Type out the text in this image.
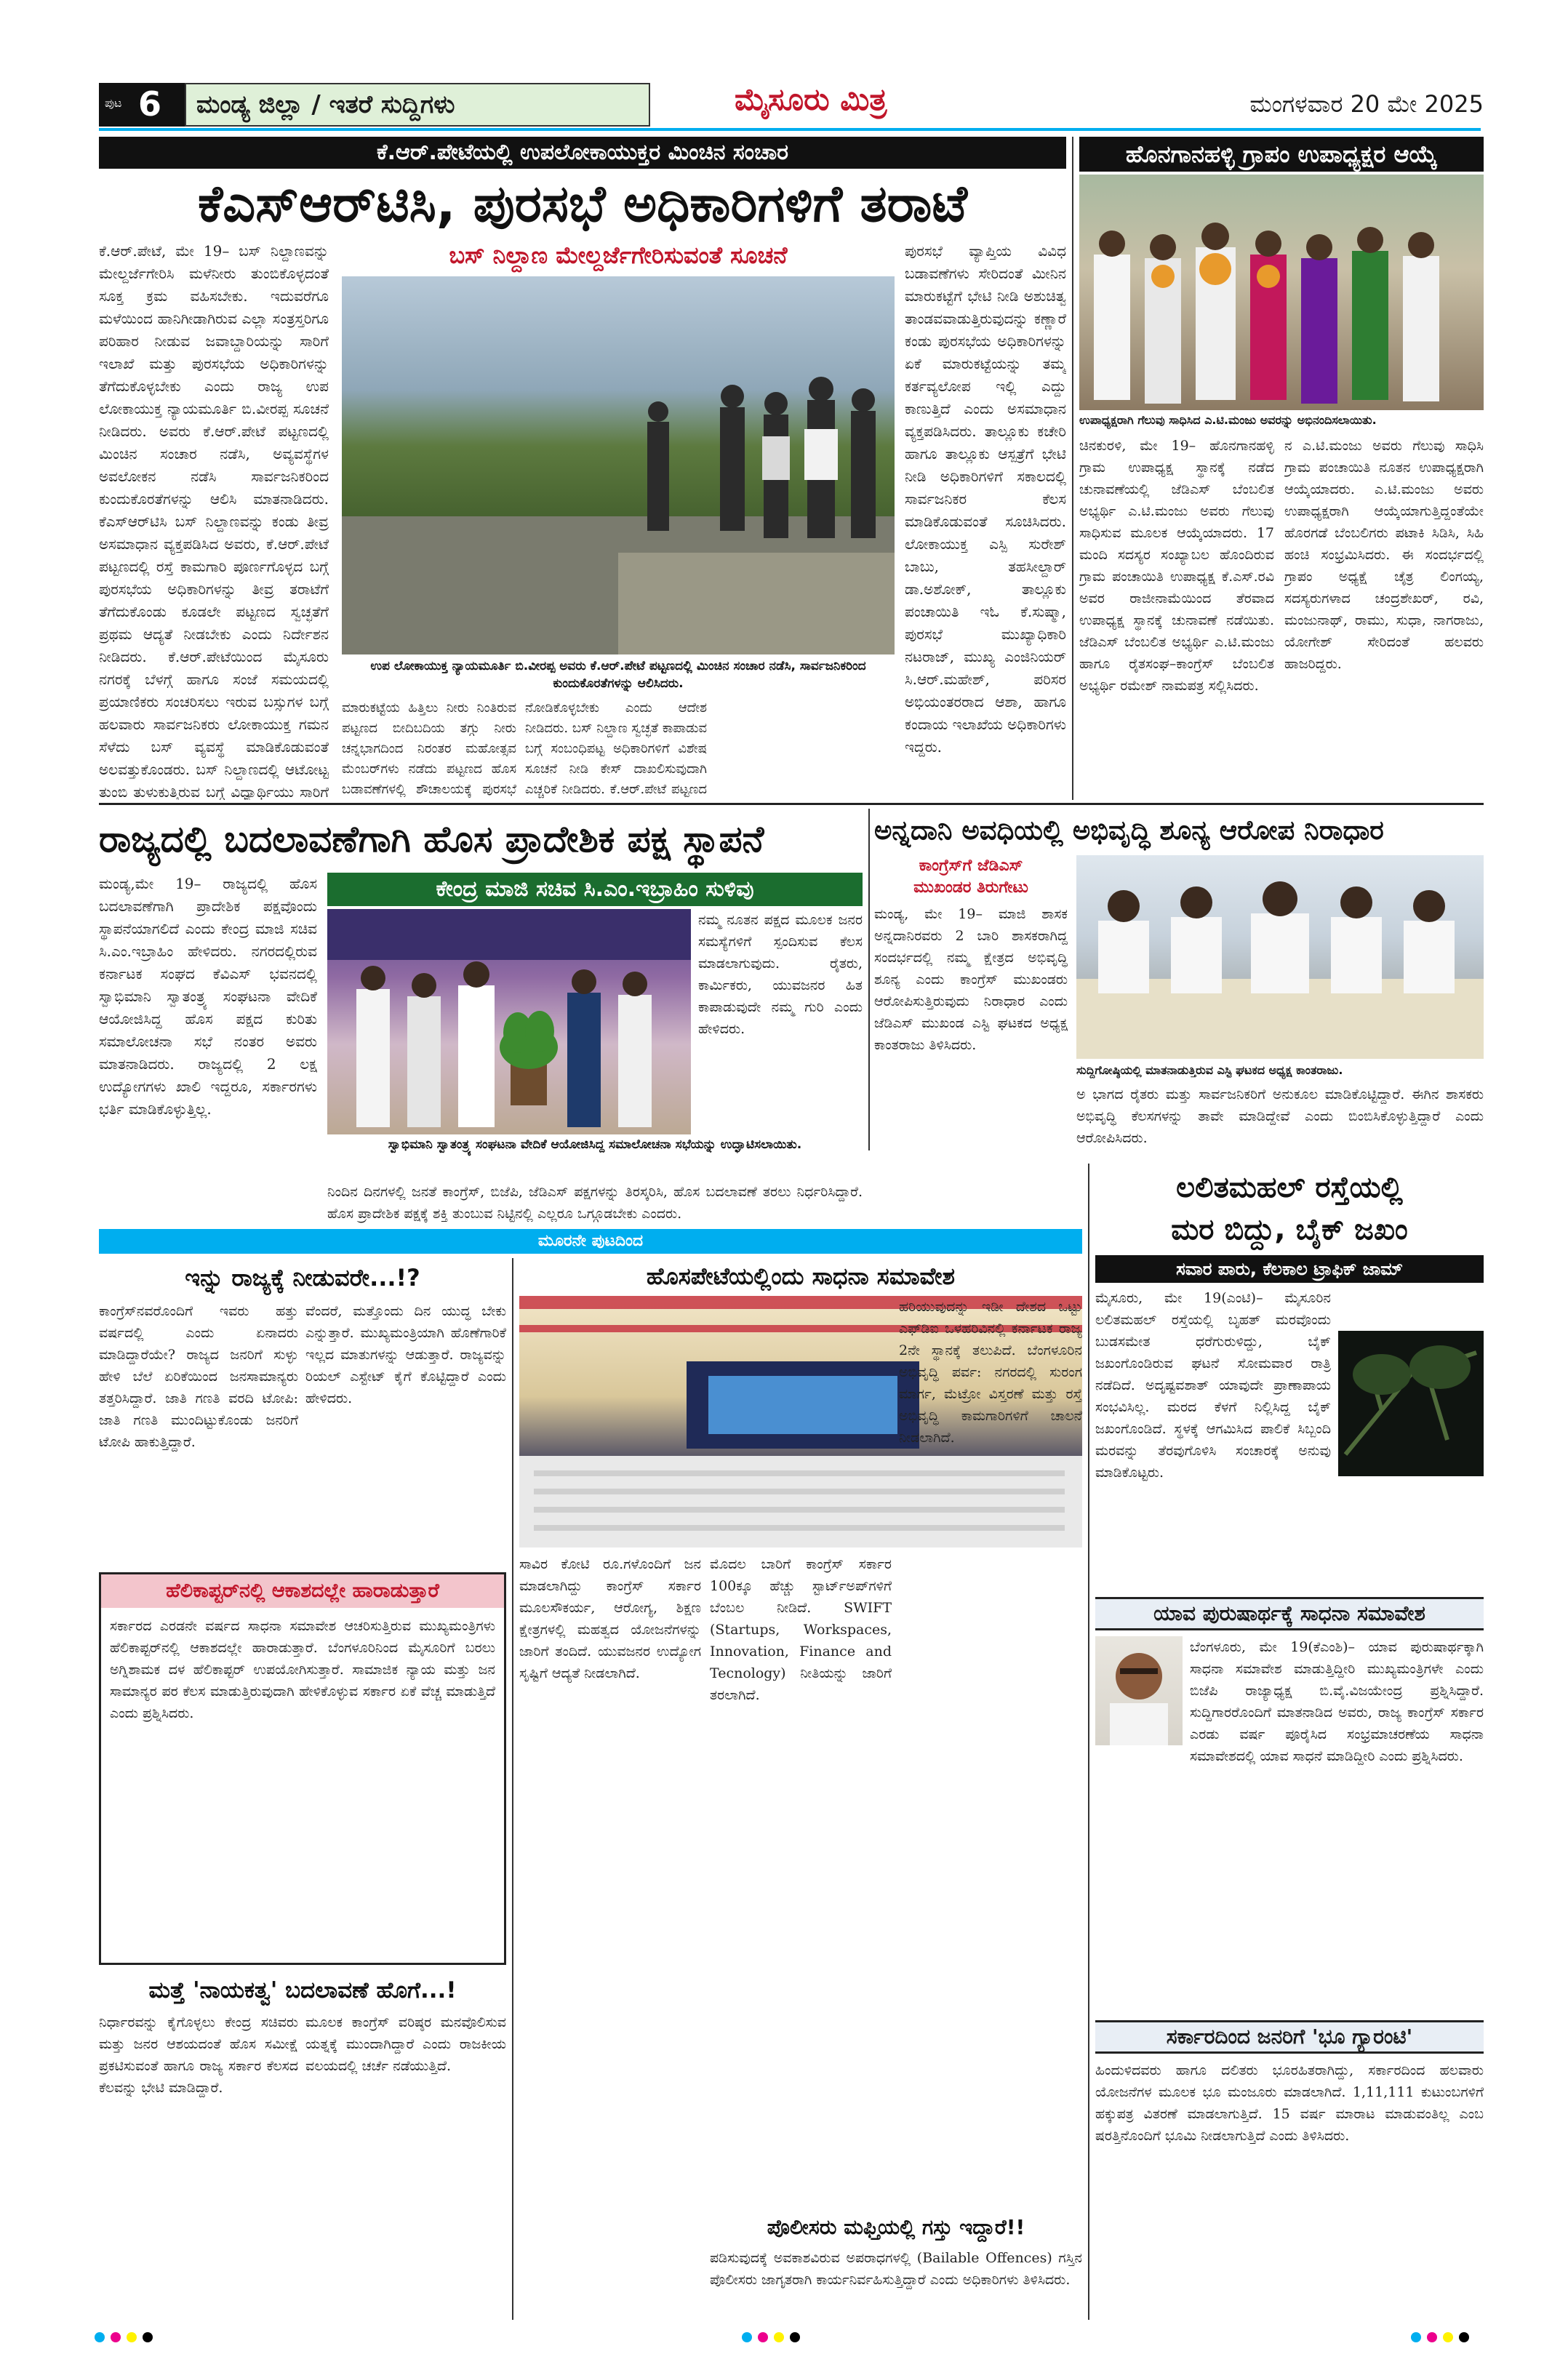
ಪುಟ 6 ಮಂಡ್ಯ ಜಿಲ್ಲಾ / ಇತರೆ ಸುದ್ದಿಗಳು	ಮೈಸೂರು ಮಿತ್ರ	ಮಂಗಳವಾರ 20 ಮೇ 2025
ಕೆ.ಆರ್.ಪೇಟೆಯಲ್ಲಿ ಉಪಲೋಕಾಯುಕ್ತರ ಮಿಂಚಿನ ಸಂಚಾರ
ಕೆಎಸ್‌ಆರ್‌ಟಿಸಿ, ಪುರಸಭೆ ಅಧಿಕಾರಿಗಳಿಗೆ ತರಾಟೆ
ಕೆ.ಆರ್.ಪೇಟೆ, ಮೇ 19– ಬಸ್ ನಿಲ್ದಾಣವನ್ನು ಮೇಲ್ದರ್ಜೆಗೇರಿಸಿ ಮಳೆನೀರು ತುಂಬಿಕೊಳ್ಳದಂತೆ ಸೂಕ್ತ ಕ್ರಮ ವಹಿಸಬೇಕು. ಇದುವರೆಗೂ ಮಳೆಯಿಂದ ಹಾನಿಗೀಡಾಗಿರುವ ಎಲ್ಲಾ ಸಂತ್ರಸ್ತರಿಗೂ ಪರಿಹಾರ ನೀಡುವ ಜವಾಬ್ದಾರಿಯನ್ನು ಸಾರಿಗೆ ಇಲಾಖೆ ಮತ್ತು ಪುರಸಭೆಯ ಅಧಿಕಾರಿಗಳನ್ನು ತೆಗೆದುಕೊಳ್ಳಬೇಕು ಎಂದು ರಾಜ್ಯ ಉಪ ಲೋಕಾಯುಕ್ತ ನ್ಯಾಯಮೂರ್ತಿ ಬಿ.ವೀರಪ್ಪ ಸೂಚನೆ ನೀಡಿದರು. ಅವರು ಕೆ.ಆರ್.ಪೇಟೆ ಪಟ್ಟಣದಲ್ಲಿ ಮಿಂಚಿನ ಸಂಚಾರ ನಡೆಸಿ, ಅವ್ಯವಸ್ಥೆಗಳ ಅವಲೋಕನ ನಡೆಸಿ ಸಾರ್ವಜನಿಕರಿಂದ ಕುಂದುಕೊರತೆಗಳನ್ನು ಆಲಿಸಿ ಮಾತನಾಡಿದರು. ಕೆಎಸ್‌ಆರ್‌ಟಿಸಿ ಬಸ್ ನಿಲ್ದಾಣವನ್ನು ಕಂಡು ತೀವ್ರ ಅಸಮಾಧಾನ ವ್ಯಕ್ತಪಡಿಸಿದ ಅವರು, ಕೆ.ಆರ್.ಪೇಟೆ ಪಟ್ಟಣದಲ್ಲಿ ರಸ್ತೆ ಕಾಮಗಾರಿ ಪೂರ್ಣಗೊಳ್ಳದ ಬಗ್ಗೆ ಪುರಸಭೆಯ ಅಧಿಕಾರಿಗಳನ್ನು ತೀವ್ರ ತರಾಟೆಗೆ ತೆಗೆದುಕೊಂಡು ಕೂಡಲೇ ಪಟ್ಟಣದ ಸ್ವಚ್ಛತೆಗೆ ಪ್ರಥಮ ಆದ್ಯತೆ ನೀಡಬೇಕು ಎಂದು ನಿರ್ದೇಶನ ನೀಡಿದರು. ಕೆ.ಆರ್.ಪೇಟೆಯಿಂದ ಮೈಸೂರು ನಗರಕ್ಕೆ ಬೆಳಗ್ಗೆ ಹಾಗೂ ಸಂಜೆ ಸಮಯದಲ್ಲಿ ಪ್ರಯಾಣಿಕರು ಸಂಚರಿಸಲು ಇರುವ ಬಸ್ಸುಗಳ ಬಗ್ಗೆ ಹಲವಾರು ಸಾರ್ವಜನಿಕರು ಲೋಕಾಯುಕ್ತ ಗಮನ ಸೆಳೆದು ಬಸ್ ವ್ಯವಸ್ಥೆ ಮಾಡಿಕೊಡುವಂತೆ ಅಲವತ್ತುಕೊಂಡರು. ಬಸ್ ನಿಲ್ದಾಣದಲ್ಲಿ ಆಟೋಟ್ಟ ತುಂಬಿ ತುಳುಕುತ್ತಿರುವ ಬಗ್ಗೆ ವಿಧ್ಯಾರ್ಥಿಯು ಸಾರಿಗೆ
ಬಸ್ ನಿಲ್ದಾಣ ಮೇಲ್ದರ್ಜೆಗೇರಿಸುವಂತೆ ಸೂಚನೆ
ಉಪ ಲೋಕಾಯುಕ್ತ ನ್ಯಾಯಮೂರ್ತಿ ಬಿ.ವೀರಪ್ಪ ಅವರು ಕೆ.ಆರ್.ಪೇಟೆ ಪಟ್ಟಣದಲ್ಲಿ ಮಿಂಚಿನ ಸಂಚಾರ ನಡೆಸಿ, ಸಾರ್ವಜನಿಕರಿಂದ ಕುಂದುಕೊರತೆಗಳನ್ನು ಆಲಿಸಿದರು.
ಮಾರುಕಟ್ಟೆಯ ಹಿತ್ತಿಲು ನೀರು ನಿಂತಿರುವ ಪಟ್ಟಣದ ಬೀದಿಬದಿಯ ತಗ್ಗು ನೀರು ಚನ್ನಭಾಗದಿಂದ ನಿರಂತರ ಮಹೋತ್ಸವ ಮೆಂಬರ್‌ಗಳು ನಡೆದು ಪಟ್ಟಣದ ಹೊಸ ಬಡಾವಣೆಗಳಲ್ಲಿ ಶೌಚಾಲಯಕ್ಕೆ ಪುರಸಭೆ
ನೋಡಿಕೊಳ್ಳಬೇಕು ಎಂದು ಆದೇಶ ನೀಡಿದರು. ಬಸ್ ನಿಲ್ದಾಣ ಸ್ವಚ್ಛತೆ ಕಾಪಾಡುವ ಬಗ್ಗೆ ಸಂಬಂಧಿಪಟ್ಟ ಅಧಿಕಾರಿಗಳಿಗೆ ವಿಶೇಷ ಸೂಚನೆ ನೀಡಿ ಕೇಸ್ ದಾಖಲಿಸುವುದಾಗಿ ಎಚ್ಚರಿಕೆ ನೀಡಿದರು. ಕೆ.ಆರ್.ಪೇಟೆ ಪಟ್ಟಣದ
ಪುರಸಭೆ ವ್ಯಾಪ್ತಿಯ ವಿವಿಧ ಬಡಾವಣೆಗಳು ಸೇರಿದಂತೆ ಮೀನಿನ ಮಾರುಕಟ್ಟೆಗೆ ಭೇಟಿ ನೀಡಿ ಅಶುಚಿತ್ವ ತಾಂಡವವಾಡುತ್ತಿರುವುದನ್ನು ಕಣ್ಣಾರೆ ಕಂಡು ಪುರಸಭೆಯ ಅಧಿಕಾರಿಗಳನ್ನು ಏಕೆ ಮಾರುಕಟ್ಟೆಯನ್ನು ತಮ್ಮ ಕರ್ತವ್ಯಲೋಪ ಇಲ್ಲಿ ಎದ್ದು ಕಾಣುತ್ತಿದೆ ಎಂದು ಅಸಮಾಧಾನ ವ್ಯಕ್ತಪಡಿಸಿದರು. ತಾಲ್ಲೂಕು ಕಚೇರಿ ಹಾಗೂ ತಾಲ್ಲೂಕು ಆಸ್ಪತ್ರೆಗೆ ಭೇಟಿ ನೀಡಿ ಅಧಿಕಾರಿಗಳಿಗೆ ಸಕಾಲದಲ್ಲಿ ಸಾರ್ವಜನಿಕರ ಕೆಲಸ ಮಾಡಿಕೊಡುವಂತೆ ಸೂಚಿಸಿದರು. ಲೋಕಾಯುಕ್ತ ಎಸ್ಪಿ ಸುರೇಶ್ ಬಾಬು, ತಹಸೀಲ್ದಾರ್ ಡಾ.ಅಶೋಕ್, ತಾಲ್ಲೂಕು ಪಂಚಾಯಿತಿ ಇಓ ಕೆ.ಸುಷ್ಮಾ, ಪುರಸಭೆ ಮುಖ್ಯಾಧಿಕಾರಿ ನಟರಾಜ್, ಮುಖ್ಯ ಎಂಜಿನಿಯರ್ ಸಿ.ಆರ್.ಮಹೇಶ್, ಪರಿಸರ ಅಭಿಯಂತರರಾದ ಆಶಾ, ಹಾಗೂ ಕಂದಾಯ ಇಲಾಖೆಯ ಅಧಿಕಾರಿಗಳು ಇದ್ದರು.
ಹೊನಗಾನಹಳ್ಳಿ ಗ್ರಾಪಂ ಉಪಾಧ್ಯಕ್ಷರ ಆಯ್ಕೆ
ಉಪಾಧ್ಯಕ್ಷರಾಗಿ ಗೆಲುವು ಸಾಧಿಸಿದ ಎ.ಟಿ.ಮಂಜು ಅವರನ್ನು ಅಭಿನಂದಿಸಲಾಯಿತು.
ಚಿನಕುರಳಿ, ಮೇ 19– ಹೊನಗಾನಹಳ್ಳಿ ಗ್ರಾಮ ಉಪಾಧ್ಯಕ್ಷ ಸ್ಥಾನಕ್ಕೆ ನಡೆದ ಚುನಾವಣೆಯಲ್ಲಿ ಜೆಡಿಎಸ್ ಬೆಂಬಲಿತ ಅಭ್ಯರ್ಥಿ ಎ.ಟಿ.ಮಂಜು ಅವರು ಗೆಲುವು ಸಾಧಿಸುವ ಮೂಲಕ ಆಯ್ಕೆಯಾದರು. 17 ಮಂದಿ ಸದಸ್ಯರ ಸಂಖ್ಯಾಬಲ ಹೊಂದಿರುವ ಗ್ರಾಮ ಪಂಚಾಯಿತಿ ಉಪಾಧ್ಯಕ್ಷ ಕೆ.ಎಸ್.ರವಿ ಅವರ ರಾಜೀನಾಮೆಯಿಂದ ತೆರವಾದ ಉಪಾಧ್ಯಕ್ಷ ಸ್ಥಾನಕ್ಕೆ ಚುನಾವಣೆ ನಡೆಯಿತು. ಜೆಡಿಎಸ್ ಬೆಂಬಲಿತ ಅಭ್ಯರ್ಥಿ ಎ.ಟಿ.ಮಂಜು ಹಾಗೂ ರೈತಸಂಘ–ಕಾಂಗ್ರೆಸ್ ಬೆಂಬಲಿತ ಅಭ್ಯರ್ಥಿ ರಮೇಶ್ ನಾಮಪತ್ರ ಸಲ್ಲಿಸಿದರು.
ನ ಎ.ಟಿ.ಮಂಜು ಅವರು ಗೆಲುವು ಸಾಧಿಸಿ ಗ್ರಾಮ ಪಂಚಾಯಿತಿ ನೂತನ ಉಪಾಧ್ಯಕ್ಷರಾಗಿ ಆಯ್ಕೆಯಾದರು. ಎ.ಟಿ.ಮಂಜು ಅವರು ಉಪಾಧ್ಯಕ್ಷರಾಗಿ ಆಯ್ಕೆಯಾಗುತ್ತಿದ್ದಂತೆಯೇ ಹೊರಗಡೆ ಬೆಂಬಲಿಗರು ಪಟಾಕಿ ಸಿಡಿಸಿ, ಸಿಹಿ ಹಂಚಿ ಸಂಭ್ರಮಿಸಿದರು. ಈ ಸಂದರ್ಭದಲ್ಲಿ ಗ್ರಾಪಂ ಅಧ್ಯಕ್ಷೆ ಚೈತ್ರ ಲಿಂಗಯ್ಯ, ಸದಸ್ಯರುಗಳಾದ ಚಂದ್ರಶೇಖರ್, ರವಿ, ಮಂಜುನಾಥ್, ರಾಮು, ಸುಧಾ, ನಾಗರಾಜು, ಯೋಗೇಶ್ ಸೇರಿದಂತೆ ಹಲವರು ಹಾಜರಿದ್ದರು.
ರಾಜ್ಯದಲ್ಲಿ ಬದಲಾವಣೆಗಾಗಿ ಹೊಸ ಪ್ರಾದೇಶಿಕ ಪಕ್ಷ ಸ್ಥಾಪನೆ
ಮಂಡ್ಯ,ಮೇ 19– ರಾಜ್ಯದಲ್ಲಿ ಹೊಸ ಬದಲಾವಣೆಗಾಗಿ ಪ್ರಾದೇಶಿಕ ಪಕ್ಷವೊಂದು ಸ್ಥಾಪನೆಯಾಗಲಿದೆ ಎಂದು ಕೇಂದ್ರ ಮಾಜಿ ಸಚಿವ ಸಿ.ಎಂ.ಇಬ್ರಾಹಿಂ ಹೇಳಿದರು. ನಗರದಲ್ಲಿರುವ ಕರ್ನಾಟಕ ಸಂಘದ ಕೆವಿಎಸ್ ಭವನದಲ್ಲಿ ಸ್ವಾಭಿಮಾನಿ ಸ್ವಾತಂತ್ರ್ಯ ಸಂಘಟನಾ ವೇದಿಕೆ ಆಯೋಜಿಸಿದ್ದ ಹೊಸ ಪಕ್ಷದ ಕುರಿತು ಸಮಾಲೋಚನಾ ಸಭೆ ನಂತರ ಅವರು ಮಾತನಾಡಿದರು. ರಾಜ್ಯದಲ್ಲಿ 2 ಲಕ್ಷ ಉದ್ಯೋಗಗಳು ಖಾಲಿ ಇದ್ದರೂ, ಸರ್ಕಾರಗಳು ಭರ್ತಿ ಮಾಡಿಕೊಳ್ಳುತ್ತಿಲ್ಲ.
ಕೇಂದ್ರ ಮಾಜಿ ಸಚಿವ ಸಿ.ಎಂ.ಇಬ್ರಾಹಿಂ ಸುಳಿವು
ನಮ್ಮ ನೂತನ ಪಕ್ಷದ ಮೂಲಕ ಜನರ ಸಮಸ್ಯೆಗಳಿಗೆ ಸ್ಪಂದಿಸುವ ಕೆಲಸ ಮಾಡಲಾಗುವುದು. ರೈತರು, ಕಾರ್ಮಿಕರು, ಯುವಜನರ ಹಿತ ಕಾಪಾಡುವುದೇ ನಮ್ಮ ಗುರಿ ಎಂದು ಹೇಳಿದರು.
ಸ್ವಾಭಿಮಾನಿ ಸ್ವಾತಂತ್ರ್ಯ ಸಂಘಟನಾ ವೇದಿಕೆ ಆಯೋಜಿಸಿದ್ದ ಸಮಾಲೋಚನಾ ಸಭೆಯನ್ನು ಉದ್ಘಾಟಿಸಲಾಯಿತು.
ನಿಂದಿನ ದಿನಗಳಲ್ಲಿ ಜನತೆ ಕಾಂಗ್ರೆಸ್, ಬಿಜೆಪಿ, ಜೆಡಿಎಸ್ ಪಕ್ಷಗಳನ್ನು ತಿರಸ್ಕರಿಸಿ, ಹೊಸ ಬದಲಾವಣೆ ತರಲು ನಿರ್ಧರಿಸಿದ್ದಾರೆ. ಹೊಸ ಪ್ರಾದೇಶಿಕ ಪಕ್ಷಕ್ಕೆ ಶಕ್ತಿ ತುಂಬುವ ನಿಟ್ಟಿನಲ್ಲಿ ಎಲ್ಲರೂ ಒಗ್ಗೂಡಬೇಕು ಎಂದರು.
ಅನ್ನದಾನಿ ಅವಧಿಯಲ್ಲಿ ಅಭಿವೃದ್ಧಿ ಶೂನ್ಯ ಆರೋಪ ನಿರಾಧಾರ
ಕಾಂಗ್ರೆಸ್‌ಗೆ ಜೆಡಿಎಸ್
ಮುಖಂಡರ ತಿರುಗೇಟು
ಮಂಡ್ಯ, ಮೇ 19– ಮಾಜಿ ಶಾಸಕ ಅನ್ನದಾನಿರವರು 2 ಬಾರಿ ಶಾಸಕರಾಗಿದ್ದ ಸಂದರ್ಭದಲ್ಲಿ ನಮ್ಮ ಕ್ಷೇತ್ರದ ಅಭಿವೃದ್ಧಿ ಶೂನ್ಯ ಎಂದು ಕಾಂಗ್ರೆಸ್ ಮುಖಂಡರು ಆರೋಪಿಸುತ್ತಿರುವುದು ನಿರಾಧಾರ ಎಂದು ಜೆಡಿಎಸ್ ಮುಖಂಡ ಎಸ್ಟಿ ಘಟಕದ ಅಧ್ಯಕ್ಷ ಕಾಂತರಾಜು ತಿಳಿಸಿದರು.
ಸುದ್ದಿಗೋಷ್ಠಿಯಲ್ಲಿ ಮಾತನಾಡುತ್ತಿರುವ ಎಸ್ಟಿ ಘಟಕದ ಅಧ್ಯಕ್ಷ ಕಾಂತರಾಜು.
ಅ ಭಾಗದ ರೈತರು ಮತ್ತು ಸಾರ್ವಜನಿಕರಿಗೆ ಅನುಕೂಲ ಮಾಡಿಕೊಟ್ಟಿದ್ದಾರೆ. ಈಗಿನ ಶಾಸಕರು ಅಭಿವೃದ್ಧಿ ಕೆಲಸಗಳನ್ನು ತಾವೇ ಮಾಡಿದ್ದೇವೆ ಎಂದು ಬಿಂಬಿಸಿಕೊಳ್ಳುತ್ತಿದ್ದಾರೆ ಎಂದು ಆರೋಪಿಸಿದರು.
ಮೂರನೇ ಪುಟದಿಂದ
ಇನ್ನು ರಾಜ್ಯಕ್ಕೆ ನೀಡುವರೇ...!?
ಕಾಂಗ್ರೆಸ್‌ನವರೊಂದಿಗೆ ಇವರು ಹತ್ತು ವರ್ಷದಲ್ಲಿ ಎಂದು ಏನಾದರು ಮಾಡಿದ್ದಾರೆಯೇ? ರಾಜ್ಯದ ಜನರಿಗೆ ಸುಳ್ಳು ಹೇಳಿ ಬೆಲೆ ಏರಿಕೆಯಿಂದ ಜನಸಾಮಾನ್ಯರು ತತ್ತರಿಸಿದ್ದಾರೆ. ಜಾತಿ ಗಣತಿ ವರದಿ ಟೋಪಿ: ಜಾತಿ ಗಣತಿ ಮುಂದಿಟ್ಟುಕೊಂಡು ಜನರಿಗೆ ಟೋಪಿ ಹಾಕುತ್ತಿದ್ದಾರೆ.
ವೆಂದರೆ, ಮತ್ತೊಂದು ದಿನ ಯುದ್ಧ ಬೇಕು ಎನ್ನುತ್ತಾರೆ. ಮುಖ್ಯಮಂತ್ರಿಯಾಗಿ ಹೊಣೆಗಾರಿಕೆ ಇಲ್ಲದ ಮಾತುಗಳನ್ನು ಆಡುತ್ತಾರೆ. ರಾಜ್ಯವನ್ನು ರಿಯಲ್ ಎಸ್ಟೇಟ್ ಕೈಗೆ ಕೊಟ್ಟಿದ್ದಾರೆ ಎಂದು ಹೇಳಿದರು.
ಹೆಲಿಕಾಪ್ಟರ್‌ನಲ್ಲಿ ಆಕಾಶದಲ್ಲೇ ಹಾರಾಡುತ್ತಾರೆ
ಸರ್ಕಾರದ ಎರಡನೇ ವರ್ಷದ ಸಾಧನಾ ಸಮಾವೇಶ ಆಚರಿಸುತ್ತಿರುವ ಮುಖ್ಯಮಂತ್ರಿಗಳು ಹೆಲಿಕಾಪ್ಟರ್‌ನಲ್ಲಿ ಆಕಾಶದಲ್ಲೇ ಹಾರಾಡುತ್ತಾರೆ. ಬೆಂಗಳೂರಿನಿಂದ ಮೈಸೂರಿಗೆ ಬರಲು ಅಗ್ನಿಶಾಮಕ ದಳ ಹೆಲಿಕಾಪ್ಟರ್ ಉಪಯೋಗಿಸುತ್ತಾರೆ. ಸಾಮಾಜಿಕ ನ್ಯಾಯ ಮತ್ತು ಜನ ಸಾಮಾನ್ಯರ ಪರ ಕೆಲಸ ಮಾಡುತ್ತಿರುವುದಾಗಿ ಹೇಳಿಕೊಳ್ಳುವ ಸರ್ಕಾರ ಏಕೆ ವೆಚ್ಚ ಮಾಡುತ್ತಿದೆ ಎಂದು ಪ್ರಶ್ನಿಸಿದರು.
ಮತ್ತೆ 'ನಾಯಕತ್ವ' ಬದಲಾವಣೆ ಹೊಗೆ...!
ನಿರ್ಧಾರವನ್ನು ಕೈಗೊಳ್ಳಲು ಕೇಂದ್ರ ಸಚಿವರು ಮತ್ತು ಜನರ ಆಶಯದಂತೆ ಹೊಸ ಸಮೀಕ್ಷೆ ಪ್ರಕಟಿಸುವಂತೆ ಹಾಗೂ ರಾಜ್ಯ ಸರ್ಕಾರ ಕೆಲಸದ ಕೆಲವನ್ನು ಭೇಟಿ ಮಾಡಿದ್ದಾರೆ.
ಮೂಲಕ ಕಾಂಗ್ರೆಸ್ ವರಿಷ್ಠರ ಮನವೊಲಿಸುವ ಯತ್ನಕ್ಕೆ ಮುಂದಾಗಿದ್ದಾರೆ ಎಂದು ರಾಜಕೀಯ ವಲಯದಲ್ಲಿ ಚರ್ಚೆ ನಡೆಯುತ್ತಿದೆ.
ಹೊಸಪೇಟೆಯಲ್ಲಿಂದು ಸಾಧನಾ ಸಮಾವೇಶ
ಸಾವಿರ ಕೋಟಿ ರೂ.ಗಳೊಂದಿಗೆ ಜನ ಮಾಡಲಾಗಿದ್ದು ಕಾಂಗ್ರೆಸ್ ಸರ್ಕಾರ ಮೂಲಸೌಕರ್ಯ, ಆರೋಗ್ಯ, ಶಿಕ್ಷಣ ಕ್ಷೇತ್ರಗಳಲ್ಲಿ ಮಹತ್ವದ ಯೋಜನೆಗಳನ್ನು ಜಾರಿಗೆ ತಂದಿದೆ. ಯುವಜನರ ಉದ್ಯೋಗ ಸೃಷ್ಟಿಗೆ ಆದ್ಯತೆ ನೀಡಲಾಗಿದೆ.
ಮೊದಲ ಬಾರಿಗೆ ಕಾಂಗ್ರೆಸ್ ಸರ್ಕಾರ 100ಕ್ಕೂ ಹೆಚ್ಚು ಸ್ಟಾರ್ಟ್‌ಅಪ್‌ಗಳಿಗೆ ಬೆಂಬಲ ನೀಡಿದೆ. SWIFT (Startups, Workspaces, Innovation, Finance and Tecnology) ನೀತಿಯನ್ನು ಜಾರಿಗೆ ತರಲಾಗಿದೆ.
ಹರಿಯುವುದನ್ನು ಇಡೀ ದೇಶದ ಒಟ್ಟು ಎಫ್‌ಡಿಐ ಒಳಹರಿವಿನಲ್ಲಿ ಕರ್ನಾಟಕ ರಾಜ್ಯ 2ನೇ ಸ್ಥಾನಕ್ಕೆ ತಲುಪಿದೆ. ಬೆಂಗಳೂರಿನ ಅಭಿವೃದ್ಧಿ ಪರ್ವ: ನಗರದಲ್ಲಿ ಸುರಂಗ ಮಾರ್ಗ, ಮೆಟ್ರೋ ವಿಸ್ತರಣೆ ಮತ್ತು ರಸ್ತೆ ಅಭಿವೃದ್ಧಿ ಕಾಮಗಾರಿಗಳಿಗೆ ಚಾಲನೆ ನೀಡಲಾಗಿದೆ.
ಪೊಲೀಸರು ಮಫ್ತಿಯಲ್ಲಿ ಗಸ್ತು ಇದ್ದಾರೆ!!
ಪಡಿಸುವುದಕ್ಕೆ ಅವಕಾಶವಿರುವ ಅಪರಾಧಗಳಲ್ಲಿ (Bailable Offences) ಗಸ್ತಿನ ಪೊಲೀಸರು ಜಾಗೃತರಾಗಿ ಕಾರ್ಯನಿರ್ವಹಿಸುತ್ತಿದ್ದಾರೆ ಎಂದು ಅಧಿಕಾರಿಗಳು ತಿಳಿಸಿದರು.
ಲಲಿತಮಹಲ್ ರಸ್ತೆಯಲ್ಲಿ
ಮರ ಬಿದ್ದು, ಬೈಕ್ ಜಖಂ
ಸವಾರ ಪಾರು, ಕೆಲಕಾಲ ಟ್ರಾಫಿಕ್ ಜಾಮ್
ಮೈಸೂರು, ಮೇ 19(ಎಂಟಿ)– ಮೈಸೂರಿನ ಲಲಿತಮಹಲ್ ರಸ್ತೆಯಲ್ಲಿ ಬೃಹತ್ ಮರವೊಂದು ಬುಡಸಮೇತ ಧರೆಗುರುಳಿದ್ದು, ಬೈಕ್ ಜಖಂಗೊಂಡಿರುವ ಘಟನೆ ಸೋಮವಾರ ರಾತ್ರಿ ನಡೆದಿದೆ. ಅದೃಷ್ಟವಶಾತ್ ಯಾವುದೇ ಪ್ರಾಣಾಪಾಯ ಸಂಭವಿಸಿಲ್ಲ. ಮರದ ಕೆಳಗೆ ನಿಲ್ಲಿಸಿದ್ದ ಬೈಕ್ ಜಖಂಗೊಂಡಿದೆ. ಸ್ಥಳಕ್ಕೆ ಆಗಮಿಸಿದ ಪಾಲಿಕೆ ಸಿಬ್ಬಂದಿ ಮರವನ್ನು ತೆರವುಗೊಳಿಸಿ ಸಂಚಾರಕ್ಕೆ ಅನುವು ಮಾಡಿಕೊಟ್ಟರು.
ಯಾವ ಪುರುಷಾರ್ಥಕ್ಕೆ ಸಾಧನಾ ಸಮಾವೇಶ
ಬೆಂಗಳೂರು, ಮೇ 19(ಕೆಎಂಶಿ)– ಯಾವ ಪುರುಷಾರ್ಥಕ್ಕಾಗಿ ಸಾಧನಾ ಸಮಾವೇಶ ಮಾಡುತ್ತಿದ್ದೀರಿ ಮುಖ್ಯಮಂತ್ರಿಗಳೇ ಎಂದು ಬಿಜೆಪಿ ರಾಜ್ಯಾಧ್ಯಕ್ಷ ಬಿ.ವೈ.ವಿಜಯೇಂದ್ರ ಪ್ರಶ್ನಿಸಿದ್ದಾರೆ. ಸುದ್ದಿಗಾರರೊಂದಿಗೆ ಮಾತನಾಡಿದ ಅವರು, ರಾಜ್ಯ ಕಾಂಗ್ರೆಸ್ ಸರ್ಕಾರ ಎರಡು ವರ್ಷ ಪೂರೈಸಿದ ಸಂಭ್ರಮಾಚರಣೆಯ ಸಾಧನಾ ಸಮಾವೇಶದಲ್ಲಿ ಯಾವ ಸಾಧನೆ ಮಾಡಿದ್ದೀರಿ ಎಂದು ಪ್ರಶ್ನಿಸಿದರು.
ಸರ್ಕಾರದಿಂದ ಜನರಿಗೆ 'ಭೂ ಗ್ಯಾರಂಟಿ'
ಹಿಂದುಳಿದವರು ಹಾಗೂ ದಲಿತರು ಭೂರಹಿತರಾಗಿದ್ದು, ಸರ್ಕಾರದಿಂದ ಹಲವಾರು ಯೋಜನೆಗಳ ಮೂಲಕ ಭೂ ಮಂಜೂರು ಮಾಡಲಾಗಿದೆ. 1,11,111 ಕುಟುಂಬಗಳಿಗೆ ಹಕ್ಕುಪತ್ರ ವಿತರಣೆ ಮಾಡಲಾಗುತ್ತಿದೆ. 15 ವರ್ಷ ಮಾರಾಟ ಮಾಡುವಂತಿಲ್ಲ ಎಂಬ ಷರತ್ತಿನೊಂದಿಗೆ ಭೂಮಿ ನೀಡಲಾಗುತ್ತಿದೆ ಎಂದು ತಿಳಿಸಿದರು.
